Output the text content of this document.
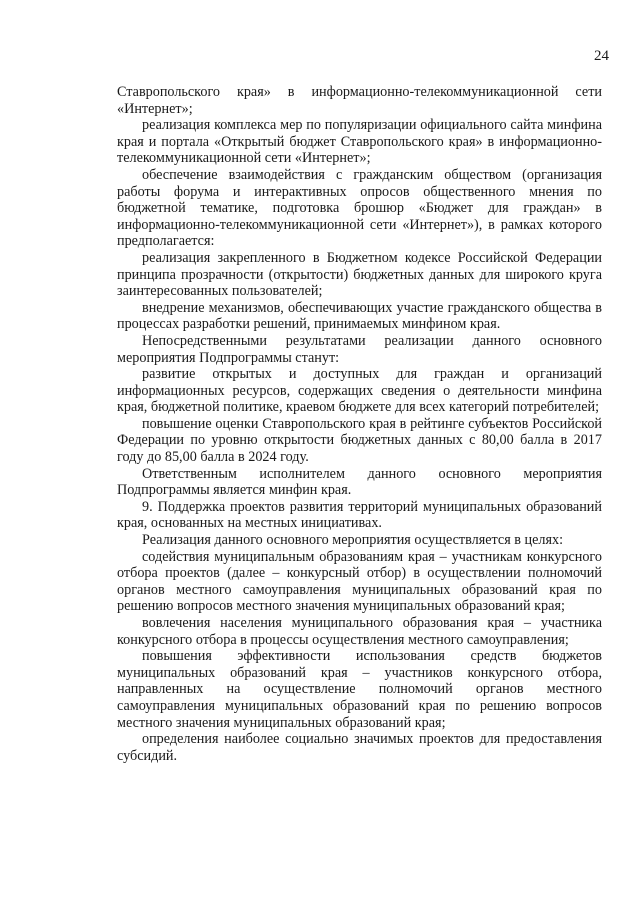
24

Ставропольского края» в информационно-телекоммуникационной сети «Интернет»;

реализация комплекса мер по популяризации официального сайта минфина края и портала «Открытый бюджет Ставропольского края» в информационно-телекоммуникационной сети «Интернет»;

обеспечение взаимодействия с гражданским обществом (организация работы форума и интерактивных опросов общественного мнения по бюджетной тематике, подготовка брошюр «Бюджет для граждан» в информационно-телекоммуникационной сети «Интернет»), в рамках которого предполагается:

реализация закрепленного в Бюджетном кодексе Российской Федерации принципа прозрачности (открытости) бюджетных данных для широкого круга заинтересованных пользователей;

внедрение механизмов, обеспечивающих участие гражданского общества в процессах разработки решений, принимаемых минфином края.

Непосредственными результатами реализации данного основного мероприятия Подпрограммы станут:

развитие открытых и доступных для граждан и организаций информационных ресурсов, содержащих сведения о деятельности минфина края, бюджетной политике, краевом бюджете для всех категорий потребителей;

повышение оценки Ставропольского края в рейтинге субъектов Российской Федерации по уровню открытости бюджетных данных с 80,00 балла в 2017 году до 85,00 балла в 2024 году.

Ответственным исполнителем данного основного мероприятия Подпрограммы является минфин края.

9. Поддержка проектов развития территорий муниципальных образований края, основанных на местных инициативах.

Реализация данного основного мероприятия осуществляется в целях:

содействия муниципальным образованиям края – участникам конкурсного отбора проектов (далее – конкурсный отбор) в осуществлении полномочий органов местного самоуправления муниципальных образований края по решению вопросов местного значения муниципальных образований края;

вовлечения населения муниципального образования края – участника конкурсного отбора в процессы осуществления местного самоуправления;

повышения эффективности использования средств бюджетов муниципальных образований края – участников конкурсного отбора, направленных на осуществление полномочий органов местного самоуправления муниципальных образований края по решению вопросов местного значения муниципальных образований края;

определения наиболее социально значимых проектов для предоставления субсидий.
